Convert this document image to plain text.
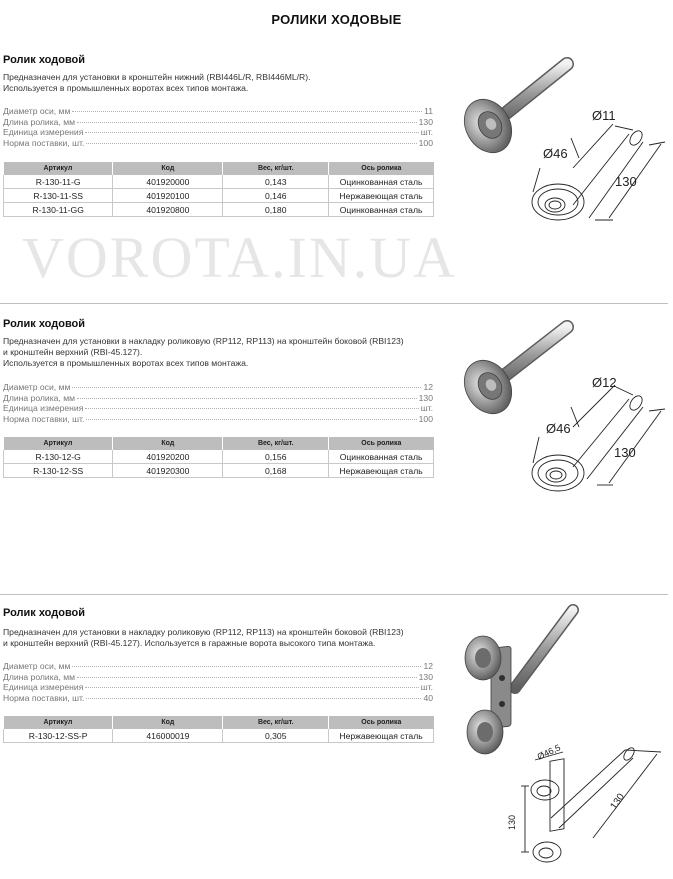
РОЛИКИ ХОДОВЫЕ
Ролик ходовой
Предназначен для установки в кронштейн нижний (RBI446L/R, RBI446ML/R).
Используется в промышленных воротах всех типов монтажа.
Диаметр оси, мм	11
Длина ролика, мм	130
Единица измерения	шт.
Норма поставки, шт.	100
Артикул	Код	Вес, кг/шт.	Ось ролика
R-130-11-G	401920000	0,143	Оцинкованная сталь
R-130-11-SS	401920100	0,146	Нержавеющая сталь
R-130-11-GG	401920800	0,180	Оцинкованная сталь
VOROTA.IN.UA
Ø11
Ø46
130
Ролик ходовой
Предназначен для установки в накладку роликовую (RP112, RP113) на кронштейн боковой (RBI123)
и кронштейн верхний (RBI-45.127).
Используется в промышленных воротах всех типов монтажа.
Диаметр оси, мм	12
Длина ролика, мм	130
Единица измерения	шт.
Норма поставки, шт.	100
Артикул	Код	Вес, кг/шт.	Ось ролика
R-130-12-G	401920200	0,156	Оцинкованная сталь
R-130-12-SS	401920300	0,168	Нержавеющая сталь
Ø12
Ø46
130
Ролик ходовой
Предназначен для установки в накладку роликовую (RP112, RP113) на кронштейн боковой (RBI123)
и кронштейн верхний (RBI-45.127). Используется в гаражные ворота высокого типа монтажа.
Диаметр оси, мм	12
Длина ролика, мм	130
Единица измерения	шт.
Норма поставки, шт.	40
Артикул	Код	Вес, кг/шт.	Ось ролика
R-130-12-SS-P	416000019	0,305	Нержавеющая сталь
Ø46,5
130
130
